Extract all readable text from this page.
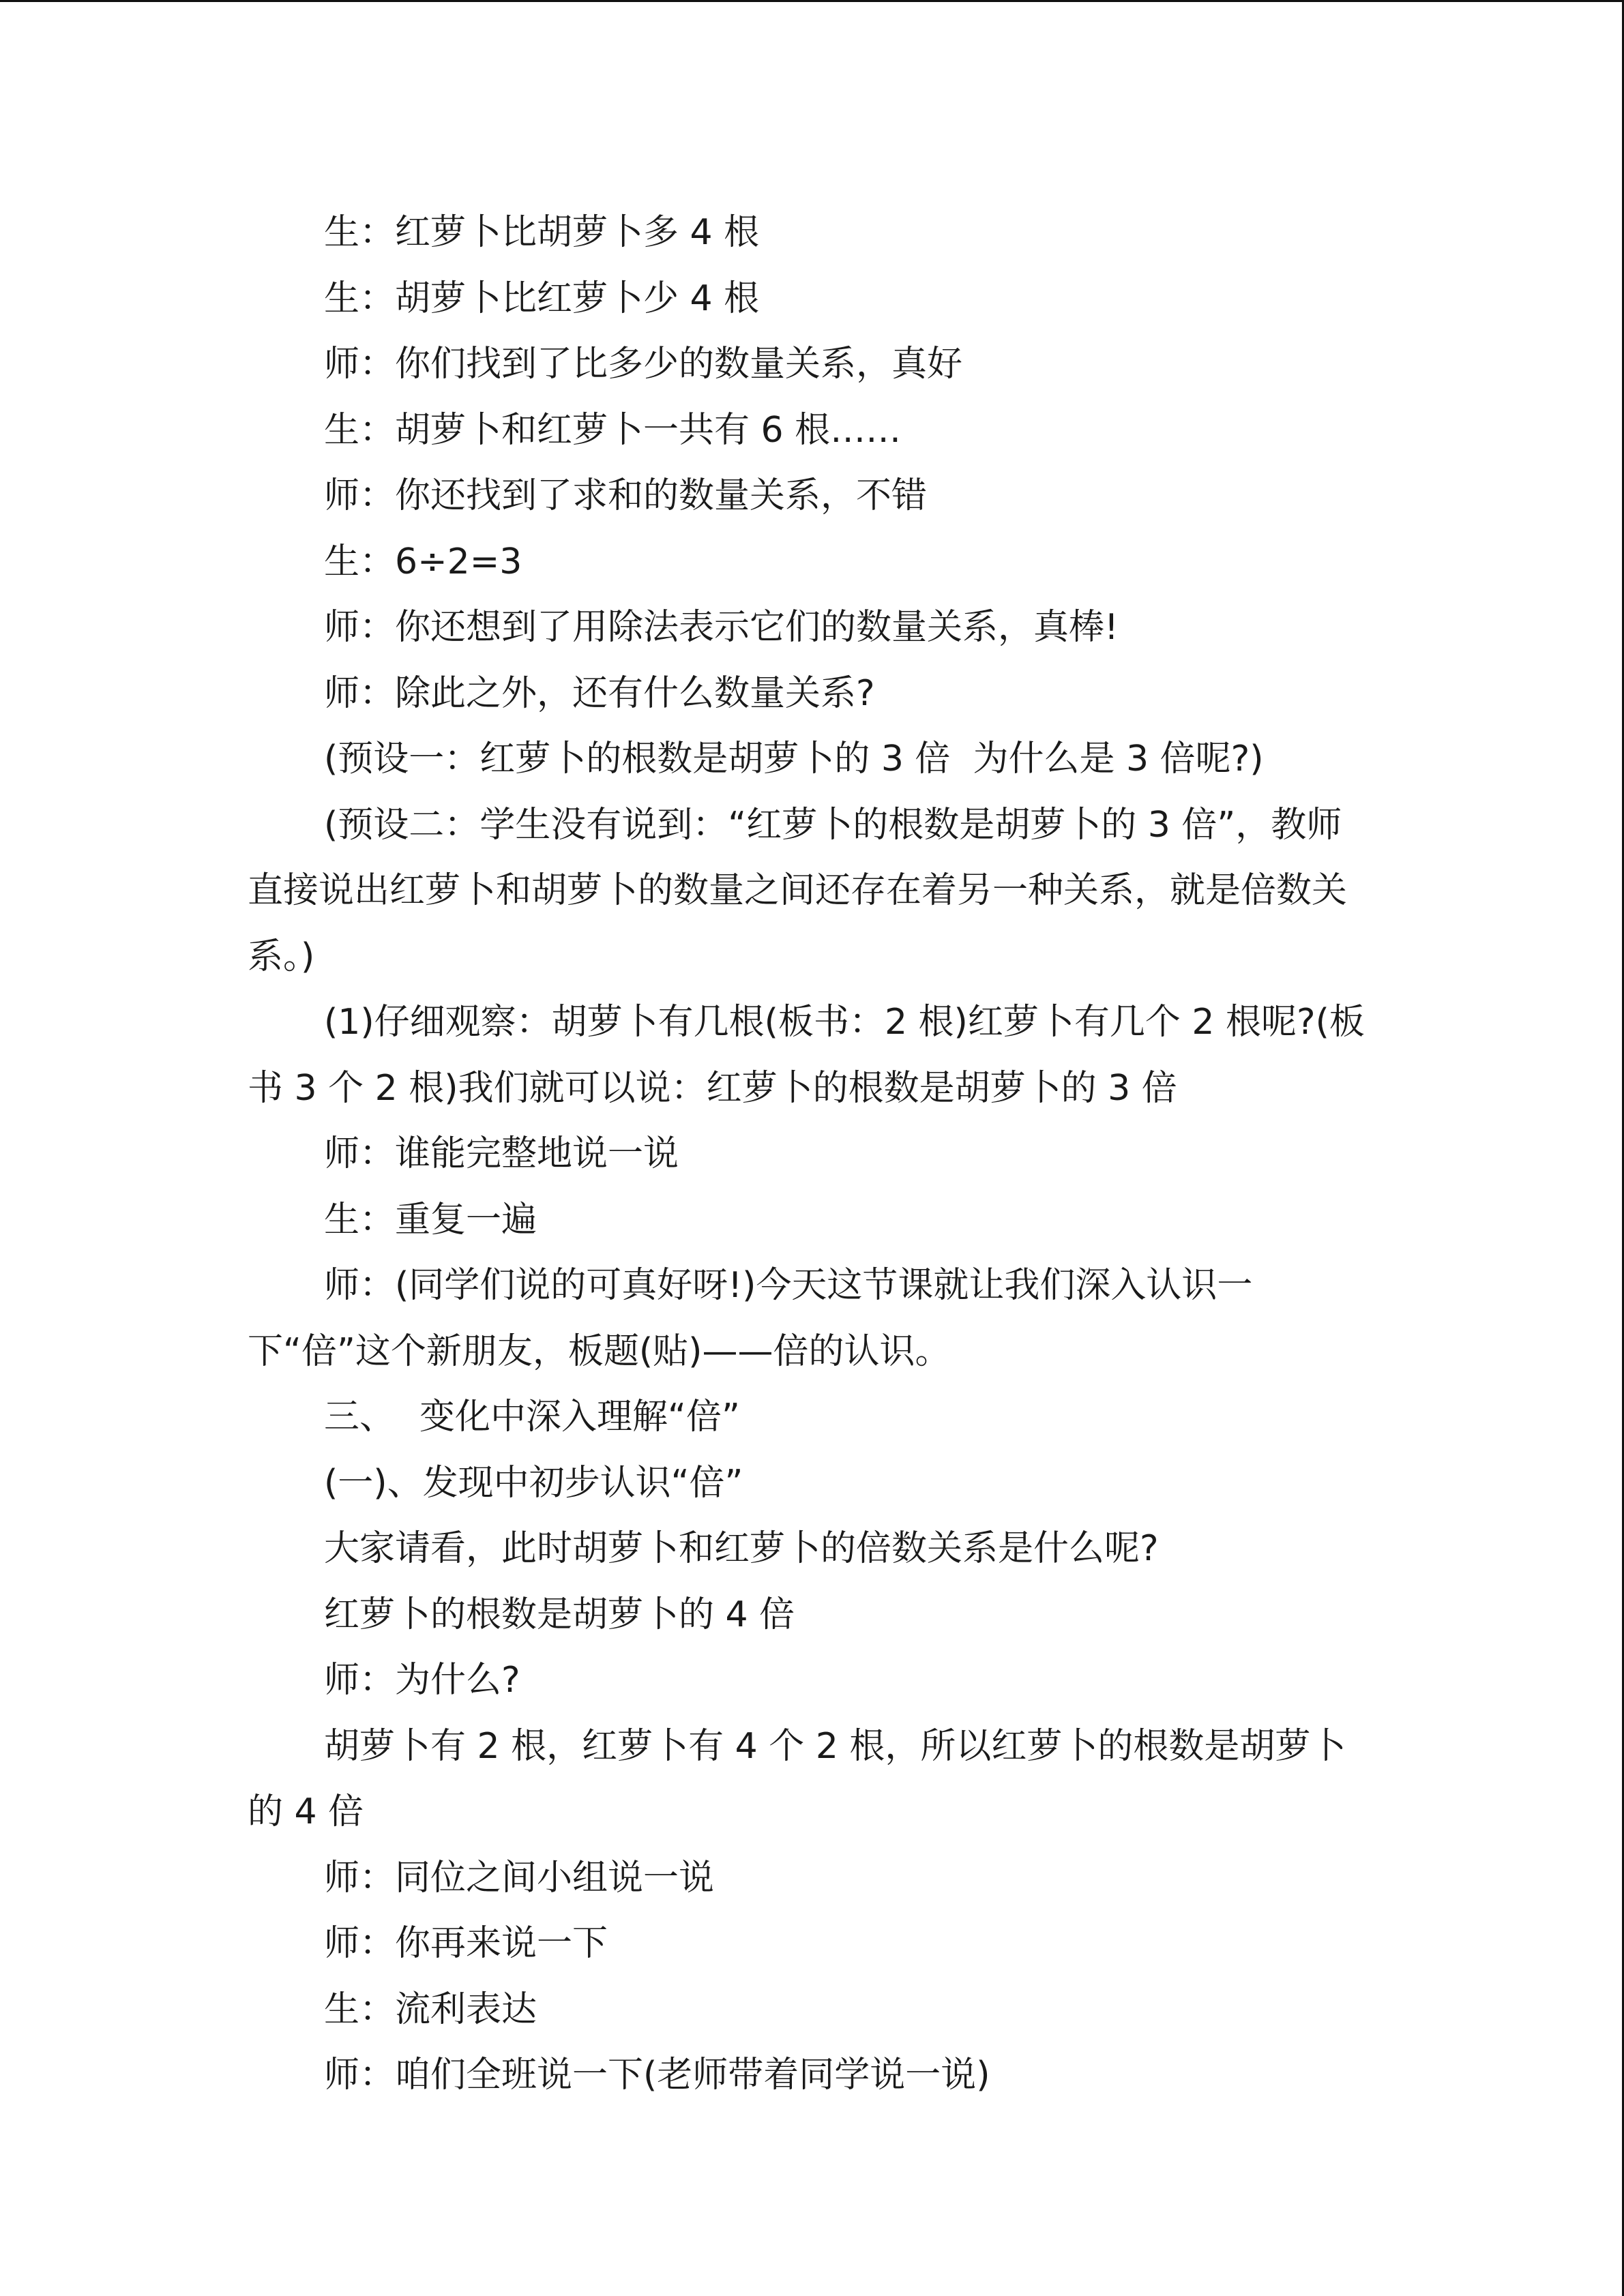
生：红萝卜比胡萝卜多 4 根

生：胡萝卜比红萝卜少 4 根

师：你们找到了比多少的数量关系，真好

生：胡萝卜和红萝卜一共有 6 根……

师：你还找到了求和的数量关系，不错

生：6÷2=3

师：你还想到了用除法表示它们的数量关系，真棒!

师：除此之外，还有什么数量关系?

(预设一：红萝卜的根数是胡萝卜的 3 倍  为什么是 3 倍呢?)

(预设二：学生没有说到：“红萝卜的根数是胡萝卜的 3 倍”，教师直接说出红萝卜和胡萝卜的数量之间还存在着另一种关系，就是倍数关系。)

(1)仔细观察：胡萝卜有几根(板书：2 根)红萝卜有几个 2 根呢?(板书 3 个 2 根)我们就可以说：红萝卜的根数是胡萝卜的 3 倍

师：谁能完整地说一说

生：重复一遍

师：(同学们说的可真好呀!)今天这节课就让我们深入认识一下“倍”这个新朋友，板题(贴)——倍的认识。

三、 变化中深入理解“倍”

(一)、发现中初步认识“倍”

大家请看，此时胡萝卜和红萝卜的倍数关系是什么呢?

红萝卜的根数是胡萝卜的 4 倍

师：为什么?

胡萝卜有 2 根，红萝卜有 4 个 2 根，所以红萝卜的根数是胡萝卜的 4 倍

师：同位之间小组说一说

师：你再来说一下

生：流利表达

师：咱们全班说一下(老师带着同学说一说)
